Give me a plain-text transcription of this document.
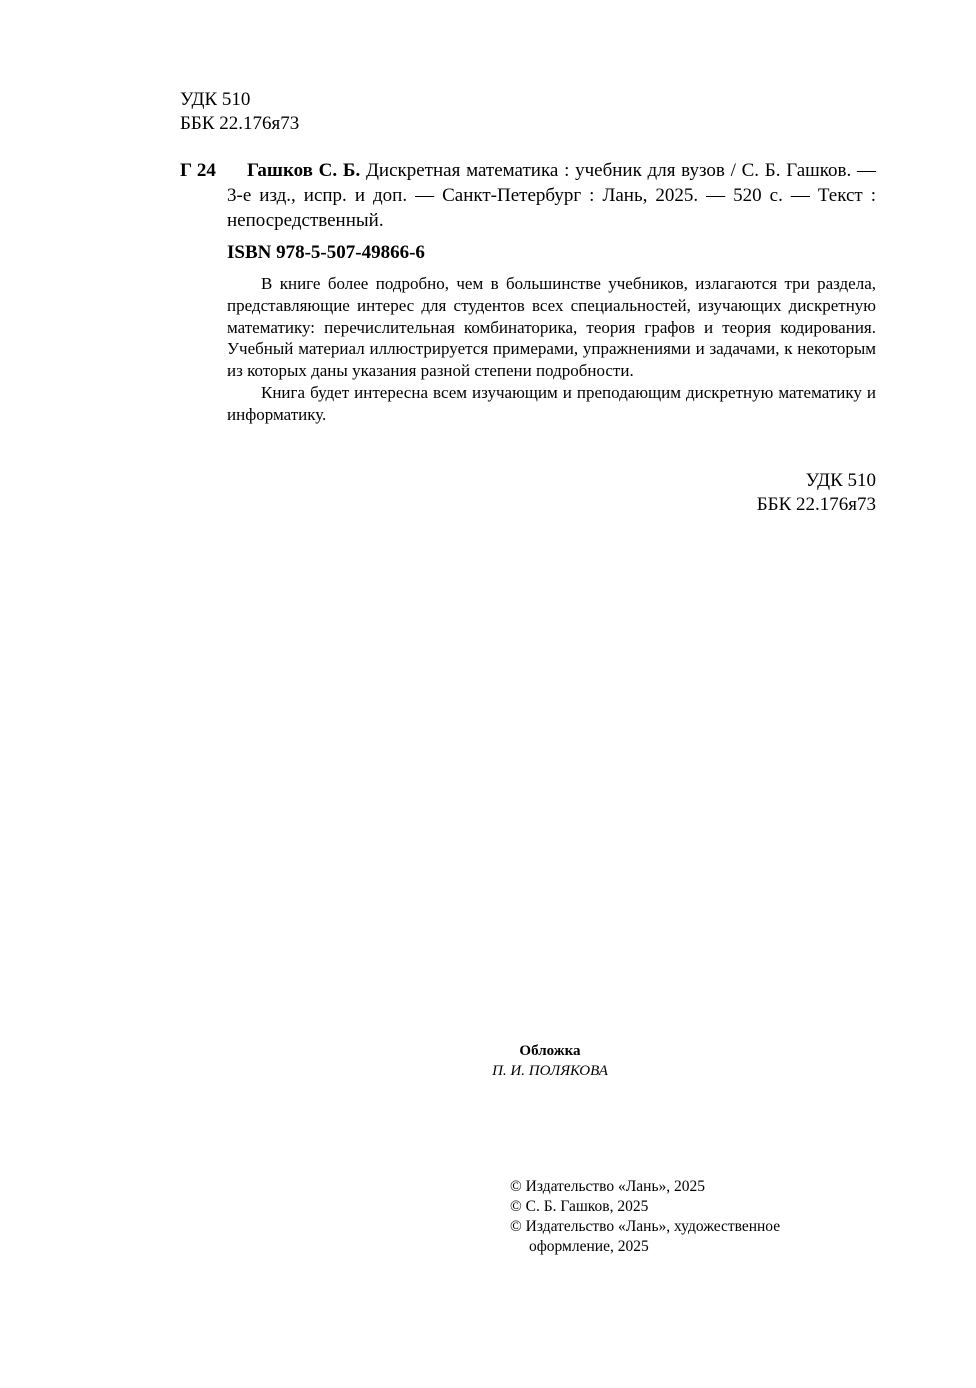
УДК 510
ББК 22.176я73
Г 24	Гашков С. Б. Дискретная математика : учебник для вузов / С. Б. Гашков. — 3-е изд., испр. и доп. — Санкт-Петербург : Лань, 2025. — 520 с. — Текст : непосредственный.
ISBN 978-5-507-49866-6

В книге более подробно, чем в большинстве учебников, излагаются три раздела, представляющие интерес для студентов всех специальностей, изучающих дискретную математику: перечислительная комбинаторика, теория графов и теория кодирования. Учебный материал иллюстрируется примерами, упражнениями и задачами, к некоторым из которых даны указания разной степени подробности.

Книга будет интересна всем изучающим и преподающим дискретную математику и информатику.

УДК 510
ББК 22.176я73
Обложка
П. И. ПОЛЯКОВА
© Издательство «Лань», 2025
© С. Б. Гашков, 2025
© Издательство «Лань», художественное
оформление, 2025
